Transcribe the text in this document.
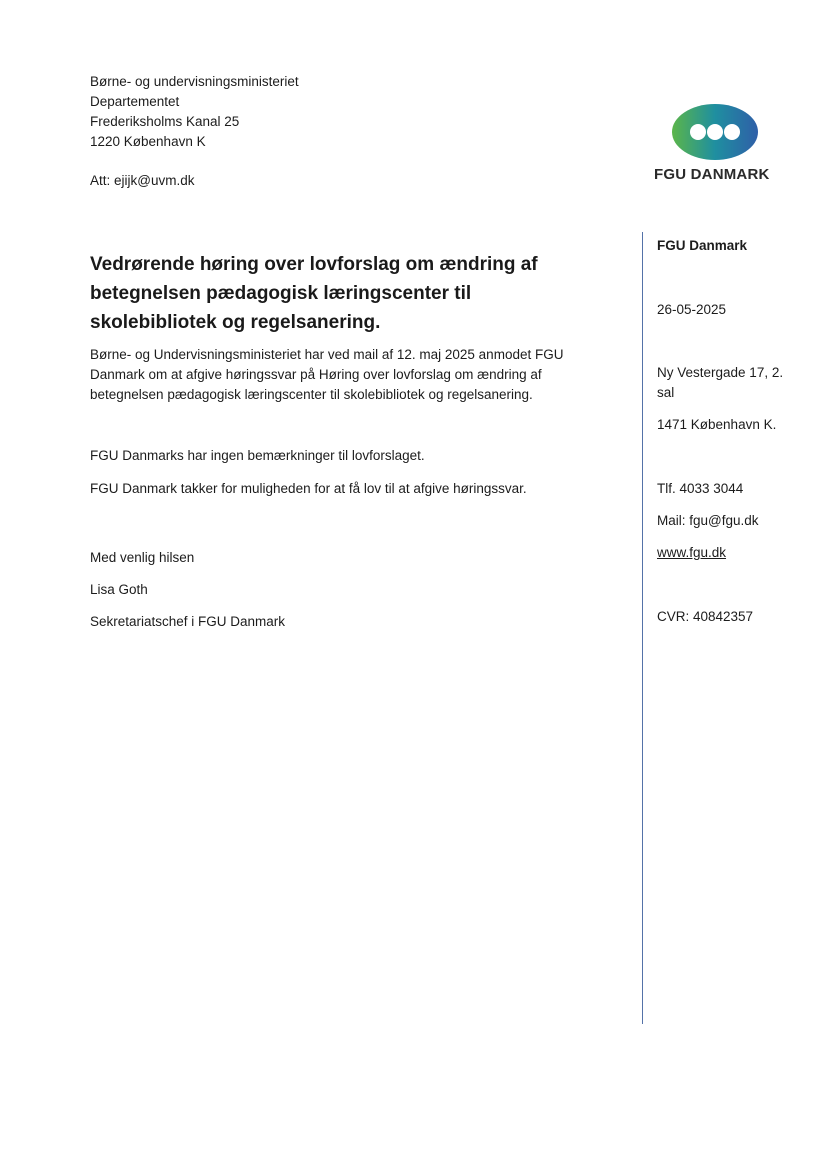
Børne- og undervisningsministeriet
Departementet
Frederiksholms Kanal 25
1220 København K
Att: ejijk@uvm.dk	FGU DANMARK
Vedrørende høring over lovforslag om ændring af betegnelsen pædagogisk læringscenter til skolebibliotek og regelsanering.

Børne- og Undervisningsministeriet har ved mail af 12. maj 2025 anmodet FGU Danmark om at afgive høringssvar på Høring over lovforslag om ændring af betegnelsen pædagogisk læringscenter til skolebibliotek og regelsanering.

FGU Danmarks har ingen bemærkninger til lovforslaget.

FGU Danmark takker for muligheden for at få lov til at afgive høringssvar.

Med venlig hilsen
Lisa Goth
Sekretariatschef i FGU Danmark
FGU Danmark
26-05-2025
Ny Vestergade 17, 2. sal
1471 København K.
Tlf. 4033 3044
Mail: fgu@fgu.dk
www.fgu.dk
CVR: 40842357
